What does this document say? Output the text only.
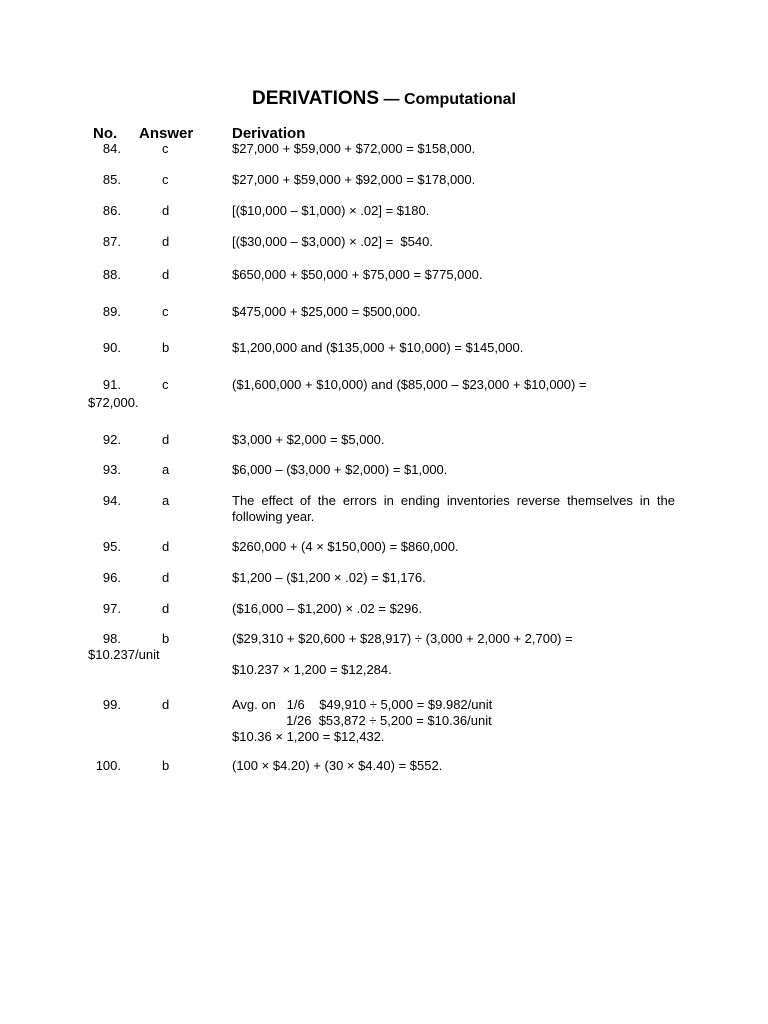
DERIVATIONS — Computational
No. Answer	Derivation
84.	c	$27,000 + $59,000 + $72,000 = $158,000.
85.	c	$27,000 + $59,000 + $92,000 = $178,000.
86.	d	[($10,000 – $1,000) × .02] = $180.
87.	d	[($30,000 – $3,000) × .02] =  $540.
88.	d	$650,000 + $50,000 + $75,000 = $775,000.
89.	c	$475,000 + $25,000 = $500,000.
90.	b	$1,200,000 and ($135,000 + $10,000) = $145,000.
91.	c	($1,600,000 + $10,000) and ($85,000 – $23,000 + $10,000) =
$72,000.
92.	d	$3,000 + $2,000 = $5,000.
93.	a	$6,000 – ($3,000 + $2,000) = $1,000.
94.	a	The effect of the errors in ending inventories reverse themselves in the following year.
95.	d	$260,000 + (4 × $150,000) = $860,000.
96.	d	$1,200 – ($1,200 × .02) = $1,176.
97.	d	($16,000 – $1,200) × .02 = $296.
98.	b	($29,310 + $20,600 + $28,917) ÷ (3,000 + 2,000 + 2,700) =
$10.237/unit
$10.237 × 1,200 = $12,284.
99.	d	Avg. on   1/6    $49,910 ÷ 5,000 = $9.982/unit
1/26  $53,872 ÷ 5,200 = $10.36/unit
$10.36 × 1,200 = $12,432.
100.	b	(100 × $4.20) + (30 × $4.40) = $552.
